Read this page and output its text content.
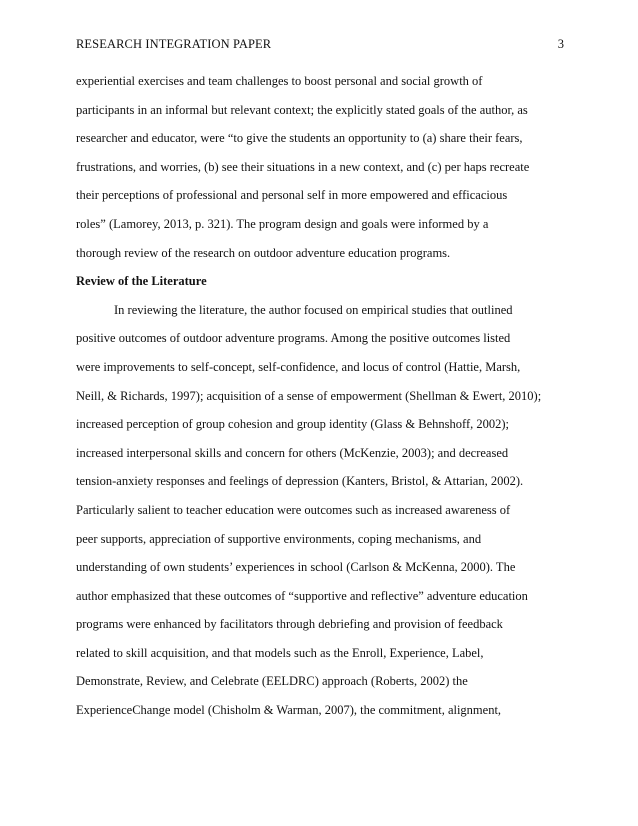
RESEARCH INTEGRATION PAPER	3
experiential exercises and team challenges to boost personal and social growth of
participants in an informal but relevant context; the explicitly stated goals of the author, as
researcher and educator, were “to give the students an opportunity to (a) share their fears,
frustrations, and worries, (b) see their situations in a new context, and (c) per haps recreate
their perceptions of professional and personal self in more empowered and efficacious
roles” (Lamorey, 2013, p. 321). The program design and goals were informed by a
thorough review of the research on outdoor adventure education programs.
Review of the Literature
In reviewing the literature, the author focused on empirical studies that outlined
positive outcomes of outdoor adventure programs. Among the positive outcomes listed
were improvements to self-concept, self-confidence, and locus of control (Hattie, Marsh,
Neill, & Richards, 1997); acquisition of a sense of empowerment (Shellman & Ewert, 2010);
increased perception of group cohesion and group identity (Glass & Behnshoff, 2002);
increased interpersonal skills and concern for others (McKenzie, 2003); and decreased
tension-anxiety responses and feelings of depression (Kanters, Bristol, & Attarian, 2002).
Particularly salient to teacher education were outcomes such as increased awareness of
peer supports, appreciation of supportive environments, coping mechanisms, and
understanding of own students’ experiences in school (Carlson & McKenna, 2000). The
author emphasized that these outcomes of “supportive and reflective” adventure education
programs were enhanced by facilitators through debriefing and provision of feedback
related to skill acquisition, and that models such as the Enroll, Experience, Label,
Demonstrate, Review, and Celebrate (EELDRC) approach (Roberts, 2002) the
ExperienceChange model (Chisholm & Warman, 2007), the commitment, alignment,
